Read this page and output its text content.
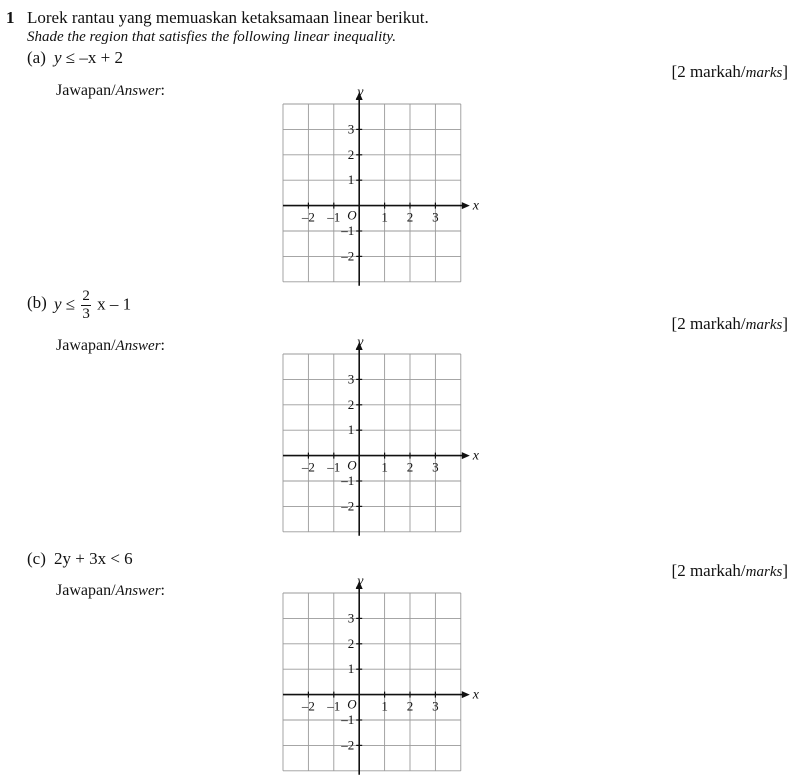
1 Lorek rantau yang memuaskan ketaksamaan linear berikut.
Shade the region that satisfies the following linear inequality.
(a) y ≤ –x + 2
[2 markah/marks]
Jawapan/Answer:
x
y
O
–2 –1	1 2 3
3
2
1
–1
–2
(b) $y \le \frac{2}{3}$ x – 1
[2 markah/marks]
Jawapan/Answer:
x
y
O
–2 –1	1 2 3
3
2
1
–1
–2
(c) 2y + 3x < 6
[2 markah/marks]
Jawapan/Answer:
x
y
O
–2 –1	1 2 3
3
2
1
–1
–2
